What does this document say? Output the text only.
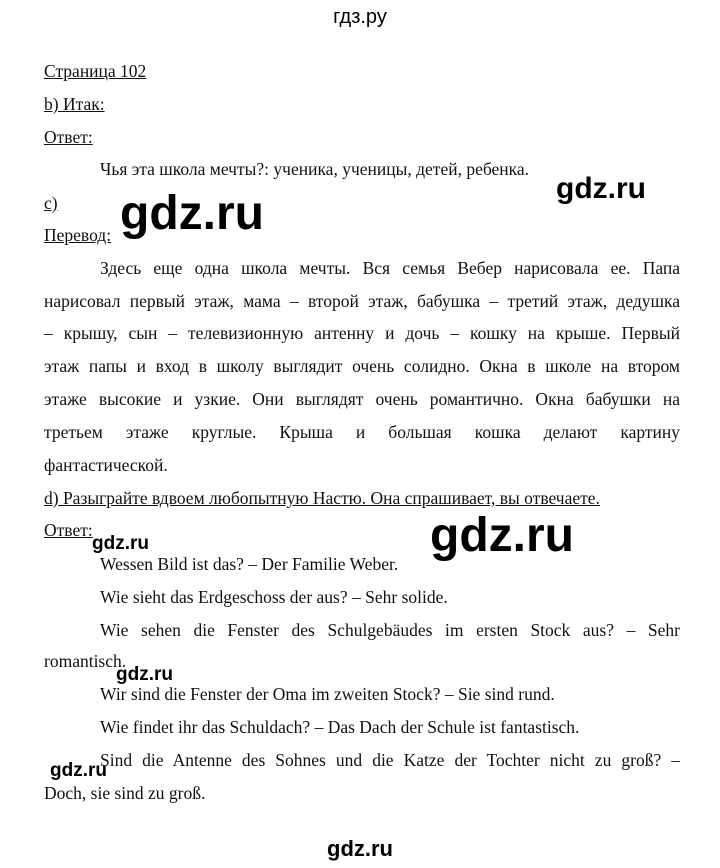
гдз.ру
Страница 102
b) Итак:
Ответ:
Чья эта школа мечты?: ученика, ученицы, детей, ребенка.
c)
Перевод:
Здесь еще одна школа мечты. Вся семья Вебер нарисовала ее. Папа
нарисовал первый этаж, мама – второй этаж, бабушка – третий этаж, дедушка
– крышу, сын – телевизионную антенну и дочь – кошку на крыше. Первый
этаж папы и вход в школу выглядит очень солидно. Окна в школе на втором
этаже высокие и узкие. Они выглядят очень романтично. Окна бабушки на
третьем этаже круглые. Крыша и большая кошка делают картину
фантастической.
d) Разыграйте вдвоем любопытную Настю. Она спрашивает, вы отвечаете.
Ответ:
Wessen Bild ist das? – Der Familie Weber.
Wie sieht das Erdgeschoss der aus? – Sehr solide.
Wie sehen die Fenster des Schulgebäudes im ersten Stock aus? – Sehr
romantisch.
Wir sind die Fenster der Oma im zweiten Stock? – Sie sind rund.
Wie findet ihr das Schuldach? – Das Dach der Schule ist fantastisch.
Sind die Antenne des Sohnes und die Katze der Tochter nicht zu groß? –
Doch, sie sind zu groß.
gdz.ru	gdz.ru
gdz.ru
gdz.ru
gdz.ru
gdz.ru
gdz.ru
